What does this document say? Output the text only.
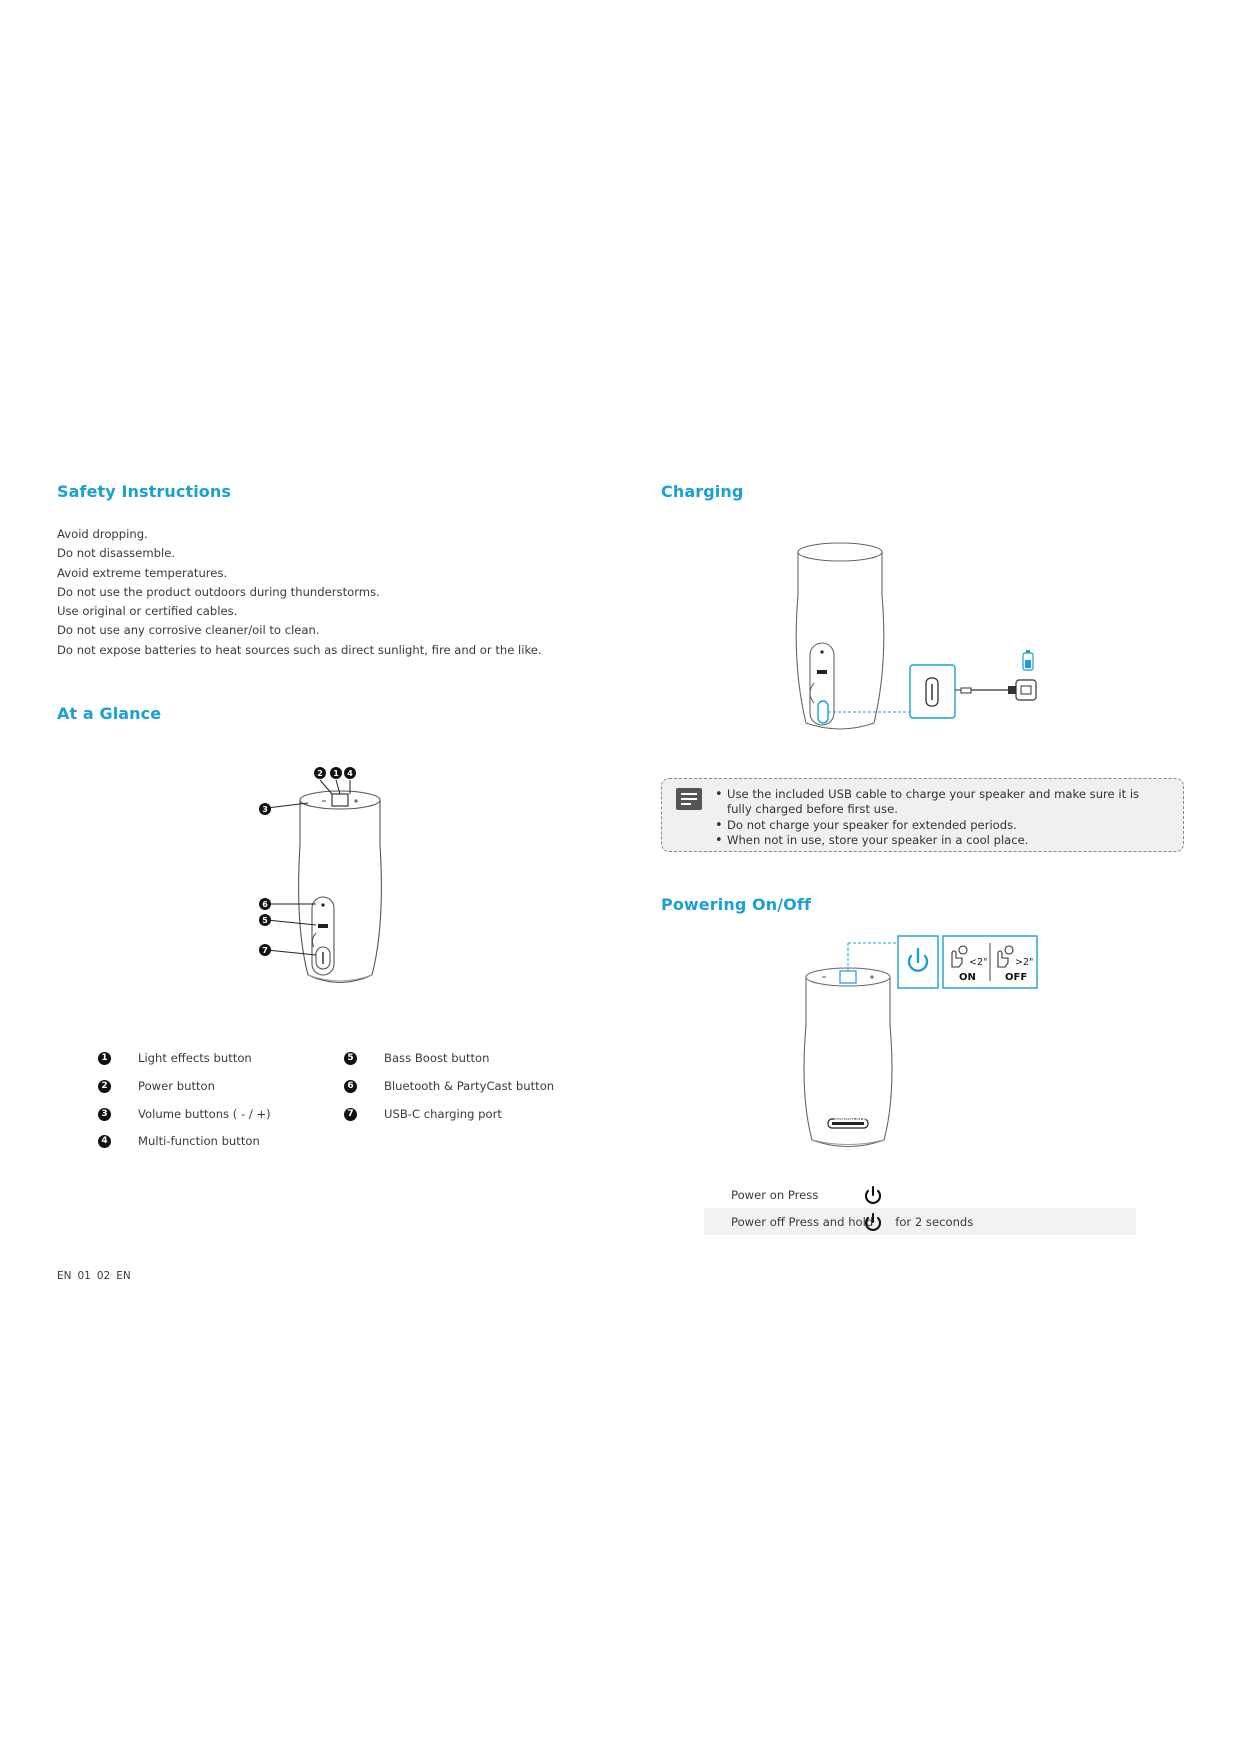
Safety Instructions
Avoid dropping.
Do not disassemble.
Avoid extreme temperatures.
Do not use the product outdoors during thunderstorms.
Use original or certified cables.
Do not use any corrosive cleaner/oil to clean.
Do not expose batteries to heat sources such as direct sunlight, fire and or the like.
At a Glance
2 1 4
3
6
5
7
1	Light effects button
2	Power button
3	Volume buttons ( - / +)
4	Multi-function button
5	Bass Boost button
6	Bluetooth & PartyCast button
7	USB-C charging port
EN 01 02 EN
Charging
• Use the included USB cable to charge your speaker and make sure it is fully charged before first use.
• Do not charge your speaker for extended periods.
• When not in use, store your speaker in a cool place.
Powering On/Off
<2"	>2"
ON	OFF
soundcore
Power on Press
Power off Press and hold for 2 seconds
